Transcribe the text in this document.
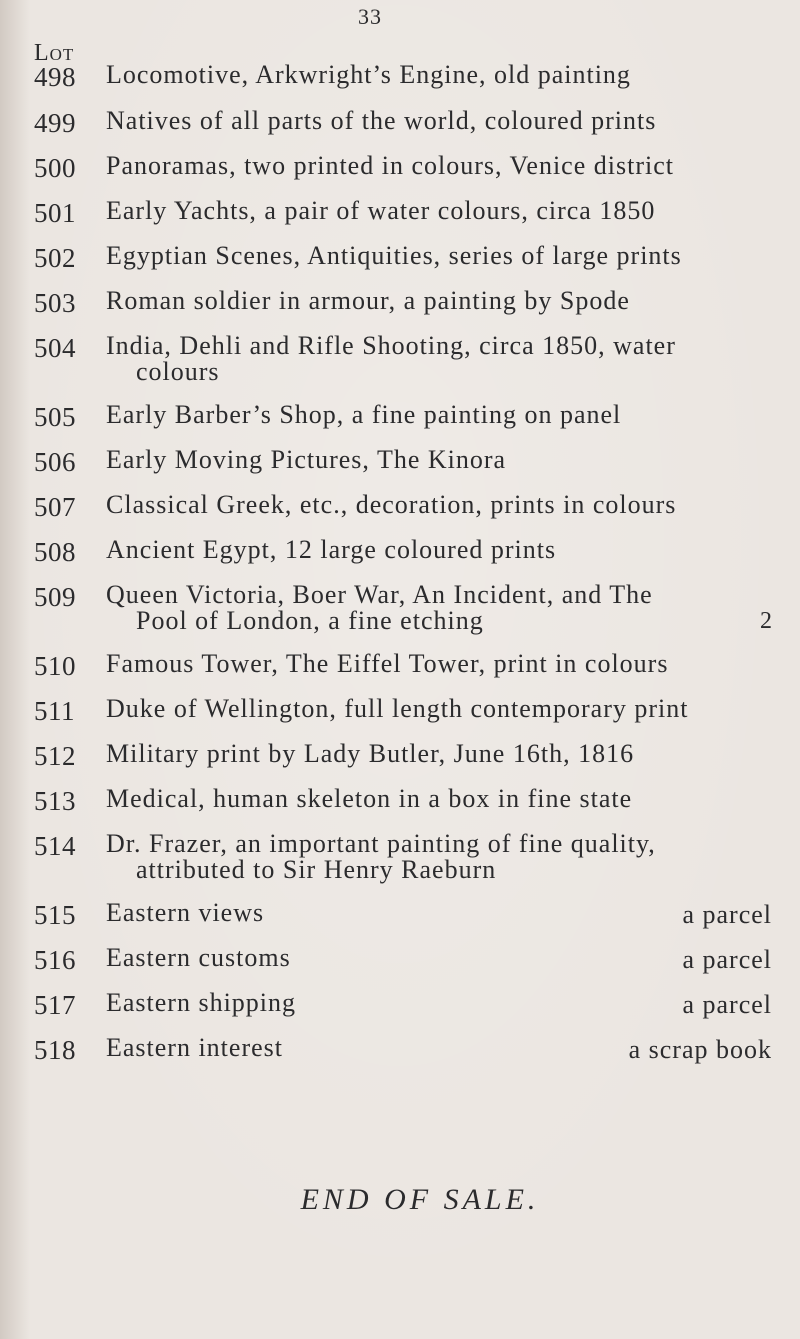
33
Lot
498 Locomotive, Arkwright’s Engine, old painting
499 Natives of all parts of the world, coloured prints
500 Panoramas, two printed in colours, Venice district
501 Early Yachts, a pair of water colours, circa 1850
502 Egyptian Scenes, Antiquities, series of large prints
503 Roman soldier in armour, a painting by Spode
504 India, Dehli and Rifle Shooting, circa 1850, water
colours
505 Early Barber’s Shop, a fine painting on panel
506 Early Moving Pictures, The Kinora
507 Classical Greek, etc., decoration, prints in colours
508 Ancient Egypt, 12 large coloured prints
509 Queen Victoria, Boer War, An Incident, and The
Pool of London, a fine etching	2
510 Famous Tower, The Eiffel Tower, print in colours
511 Duke of Wellington, full length contemporary print
512 Military print by Lady Butler, June 16th, 1816
513 Medical, human skeleton in a box in fine state
514 Dr. Frazer, an important painting of fine quality,
attributed to Sir Henry Raeburn
515 Eastern views	a parcel
516 Eastern customs	a parcel
517 Eastern shipping	a parcel
518 Eastern interest	a scrap book
END OF SALE.
